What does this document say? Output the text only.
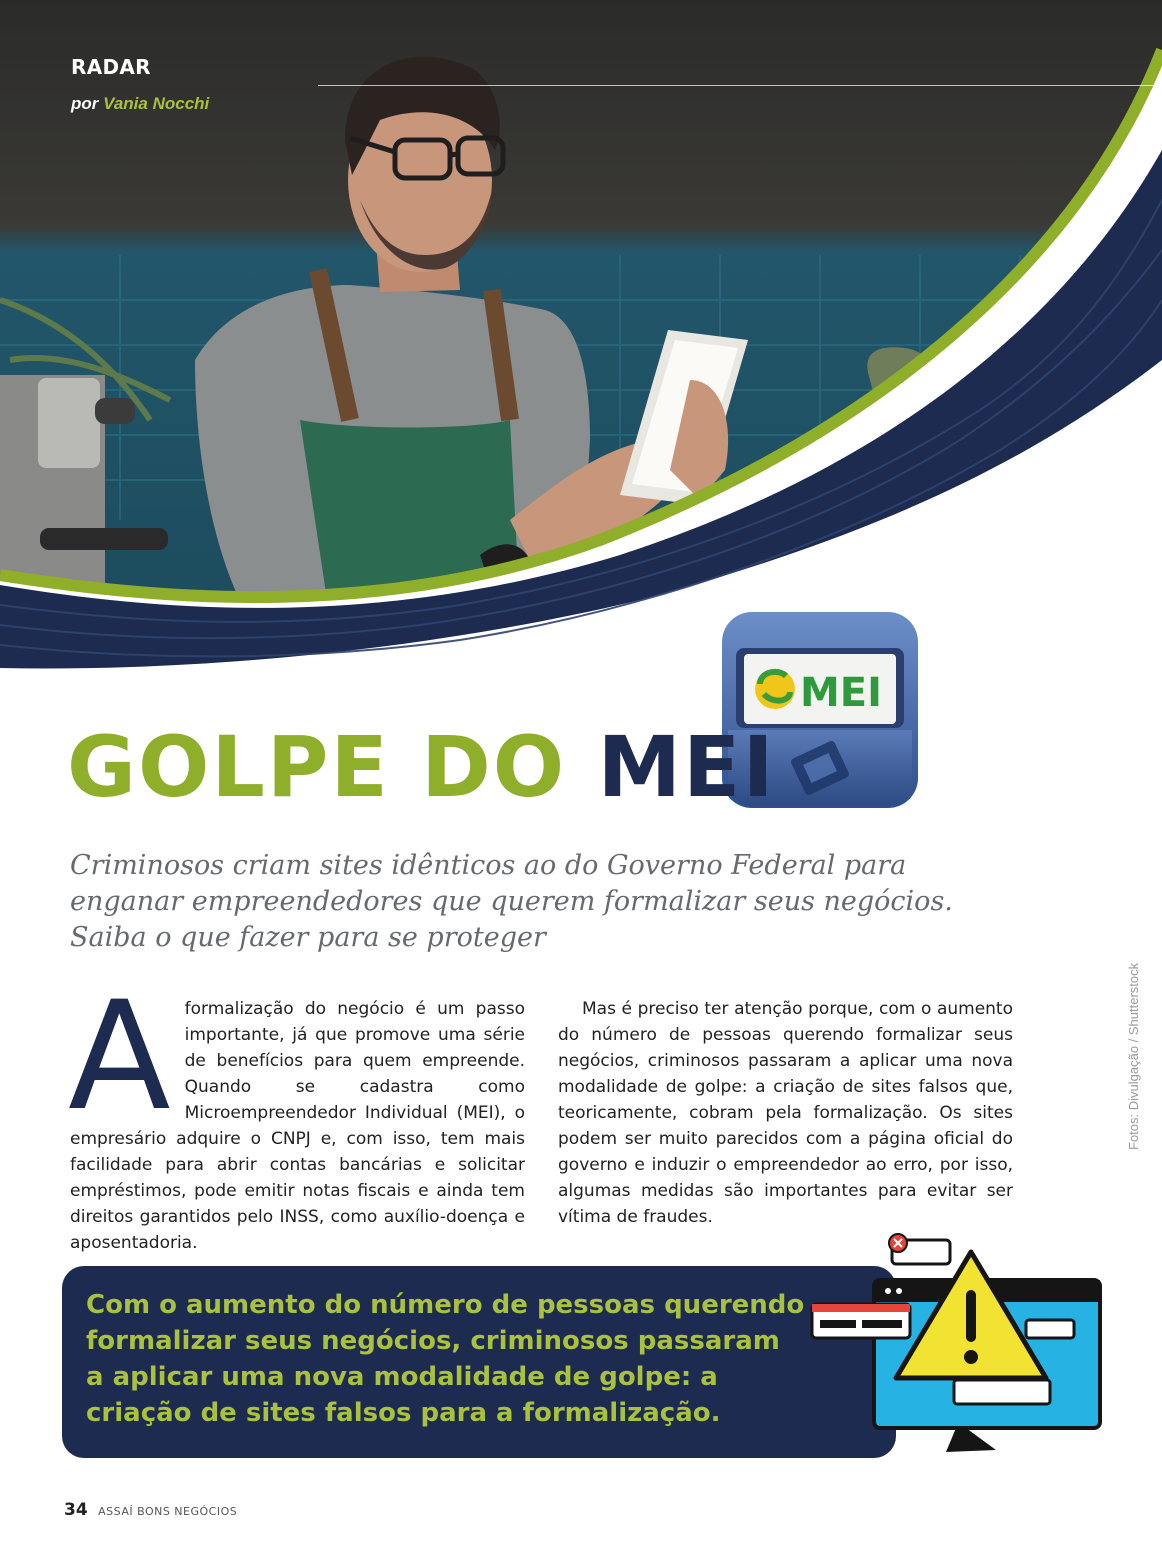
RADAR
por Vania Nocchi
MEI
GOLPE DO MEI

Criminosos criam sites idênticos ao do Governo Federal para enganar empreendedores que querem formalizar seus negócios. Saiba o que fazer para se proteger

A formalização do negócio é um passo importante, já que promove uma série de benefícios para quem empreende. Quando se cadastra como Microempreendedor Individual (MEI), o empresário adquire o CNPJ e, com isso, tem mais facilidade para abrir contas bancárias e solicitar empréstimos, pode emitir notas fiscais e ainda tem direitos garantidos pelo INSS, como auxílio-doença e aposentadoria.

Mas é preciso ter atenção porque, com o aumento do número de pessoas querendo formalizar seus negócios, criminosos passaram a aplicar uma nova modalidade de golpe: a criação de sites falsos que, teoricamente, cobram pela formalização. Os sites podem ser muito parecidos com a página oficial do governo e induzir o empreendedor ao erro, por isso, algumas medidas são importantes para evitar ser vítima de fraudes.

Fotos: Divulgação / Shutterstock

Com o aumento do número de pessoas querendo formalizar seus negócios, criminosos passaram a aplicar uma nova modalidade de golpe: a criação de sites falsos para a formalização.

34 ASSAÍ BONS NEGÓCIOS
